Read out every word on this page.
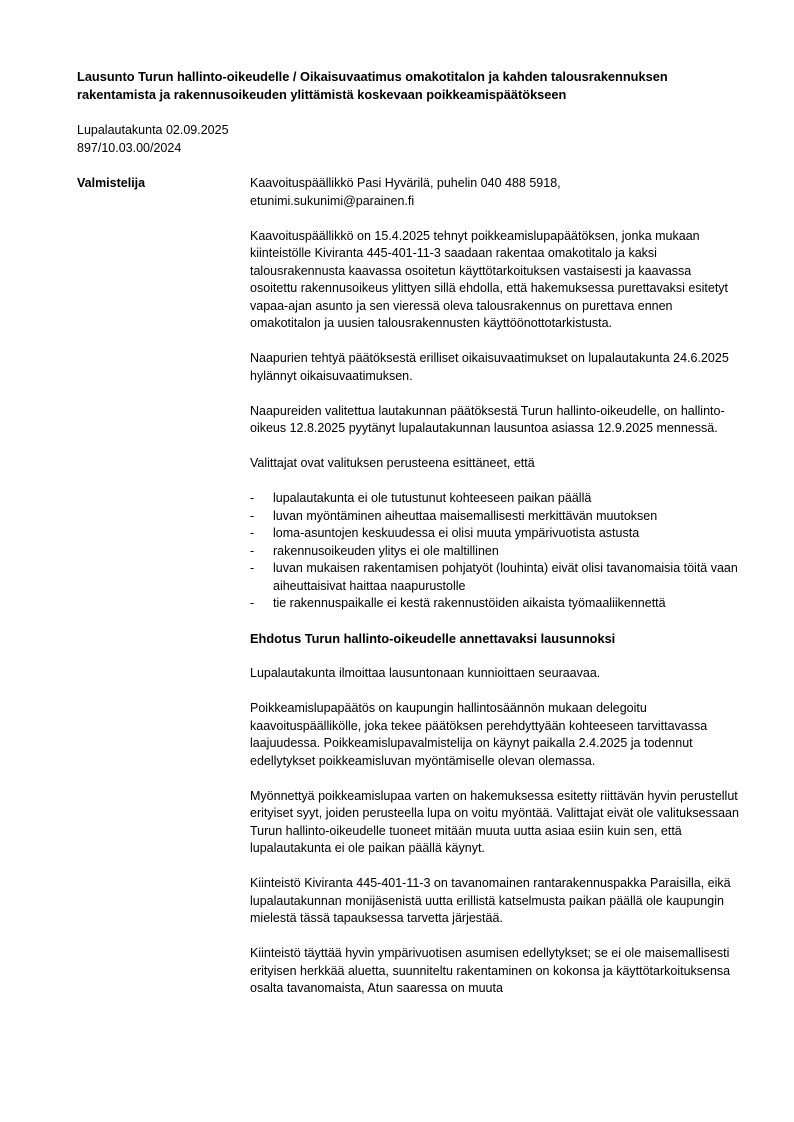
Lausunto Turun hallinto-oikeudelle / Oikaisuvaatimus omakotitalon ja kahden talousrakennuksen rakentamista ja rakennusoikeuden ylittämistä koskevaan poikkeamispäätökseen
Lupalautakunta 02.09.2025
897/10.03.00/2024
Valmistelija	Kaavoituspäällikkö Pasi Hyvärilä, puhelin 040 488 5918,
etunimi.sukunimi@parainen.fi

Kaavoituspäällikkö on 15.4.2025 tehnyt poikkeamislupapäätöksen, jonka mukaan kiinteistölle Kiviranta 445-401-11-3 saadaan rakentaa omakotitalo ja kaksi talousrakennusta kaavassa osoitetun käyttötarkoituksen vastaisesti ja kaavassa osoitettu rakennusoikeus ylittyen sillä ehdolla, että hakemuksessa purettavaksi esitetyt vapaa-ajan asunto ja sen vieressä oleva talousrakennus on purettava ennen omakotitalon ja uusien talousrakennusten käyttöönottotarkistusta.

Naapurien tehtyä päätöksestä erilliset oikaisuvaatimukset on lupalautakunta 24.6.2025 hylännyt oikaisuvaatimuksen.

Naapureiden valitettua lautakunnan päätöksestä Turun hallinto-oikeudelle, on hallinto-oikeus 12.8.2025 pyytänyt lupalautakunnan lausuntoa asiassa 12.9.2025 mennessä.

Valittajat ovat valituksen perusteena esittäneet, että

- lupalautakunta ei ole tutustunut kohteeseen paikan päällä
- luvan myöntäminen aiheuttaa maisemallisesti merkittävän muutoksen
- loma-asuntojen keskuudessa ei olisi muuta ympärivuotista astusta
- rakennusoikeuden ylitys ei ole maltillinen
- luvan mukaisen rakentamisen pohjatyöt (louhinta) eivät olisi tavanomaisia töitä vaan aiheuttaisivat haittaa naapurustolle
- tie rakennuspaikalle ei kestä rakennustöiden aikaista työmaaliikennettä
Ehdotus Turun hallinto-oikeudelle annettavaksi lausunnoksi

Lupalautakunta ilmoittaa lausuntonaan kunnioittaen seuraavaa.

Poikkeamislupapäätös on kaupungin hallintosäännön mukaan delegoitu kaavoituspäällikölle, joka tekee päätöksen perehdyttyään kohteeseen tarvittavassa laajuudessa. Poikkeamislupavalmistelija on käynyt paikalla 2.4.2025 ja todennut edellytykset poikkeamisluvan myöntämiselle olevan olemassa.

Myönnettyä poikkeamislupaa varten on hakemuksessa esitetty riittävän hyvin perustellut erityiset syyt, joiden perusteella lupa on voitu myöntää. Valittajat eivät ole valituksessaan Turun hallinto-oikeudelle tuoneet mitään muuta uutta asiaa esiin kuin sen, että lupalautakunta ei ole paikan päällä käynyt.

Kiinteistö Kiviranta 445-401-11-3 on tavanomainen rantarakennuspakka Paraisilla, eikä lupalautakunnan monijäsenistä uutta erillistä katselmusta paikan päällä ole kaupungin mielestä tässä tapauksessa tarvetta järjestää.

Kiinteistö täyttää hyvin ympärivuotisen asumisen edellytykset; se ei ole maisemallisesti erityisen herkkää aluetta, suunniteltu rakentaminen on kokonsa ja käyttötarkoituksensa osalta tavanomaista, Atun saaressa on muuta
